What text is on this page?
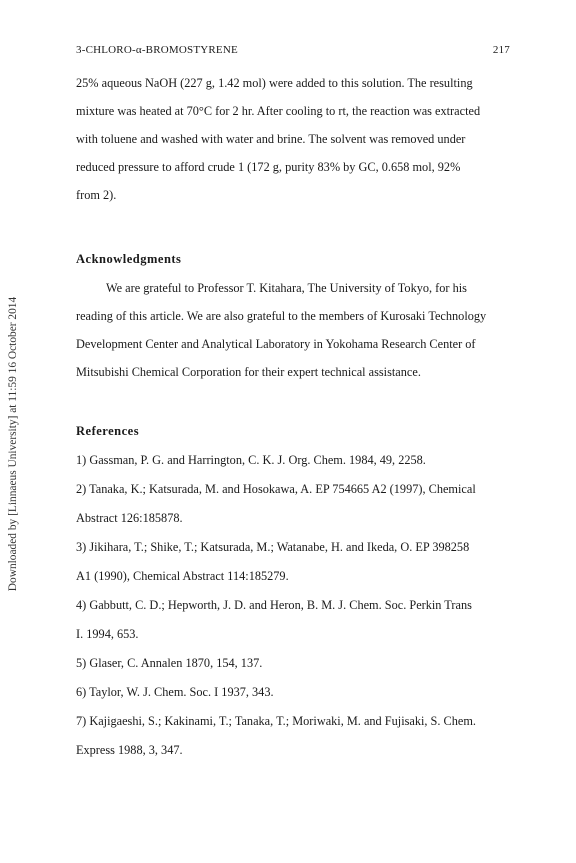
Downloaded by [Linnaeus University] at 11:59 16 October 2014
3-CHLORO-α-BROMOSTYRENE	217
25% aqueous NaOH (227 g, 1.42 mol) were added to this solution. The resulting
mixture was heated at 70°C for 2 hr. After cooling to rt, the reaction was extracted
with toluene and washed with water and brine. The solvent was removed under
reduced pressure to afford crude 1 (172 g, purity 83% by GC, 0.658 mol, 92%
from 2).
Acknowledgments
We are grateful to Professor T. Kitahara, The University of Tokyo, for his
reading of this article. We are also grateful to the members of Kurosaki Technology
Development Center and Analytical Laboratory in Yokohama Research Center of
Mitsubishi Chemical Corporation for their expert technical assistance.
References
1) Gassman, P. G. and Harrington, C. K. J. Org. Chem. 1984, 49, 2258.
2) Tanaka, K.; Katsurada, M. and Hosokawa, A. EP 754665 A2 (1997), Chemical
Abstract 126:185878.
3) Jikihara, T.; Shike, T.; Katsurada, M.; Watanabe, H. and Ikeda, O. EP 398258
A1 (1990), Chemical Abstract 114:185279.
4) Gabbutt, C. D.; Hepworth, J. D. and Heron, B. M. J. Chem. Soc. Perkin Trans
I. 1994, 653.
5) Glaser, C. Annalen 1870, 154, 137.
6) Taylor, W. J. Chem. Soc. I 1937, 343.
7) Kajigaeshi, S.; Kakinami, T.; Tanaka, T.; Moriwaki, M. and Fujisaki, S. Chem.
Express 1988, 3, 347.
